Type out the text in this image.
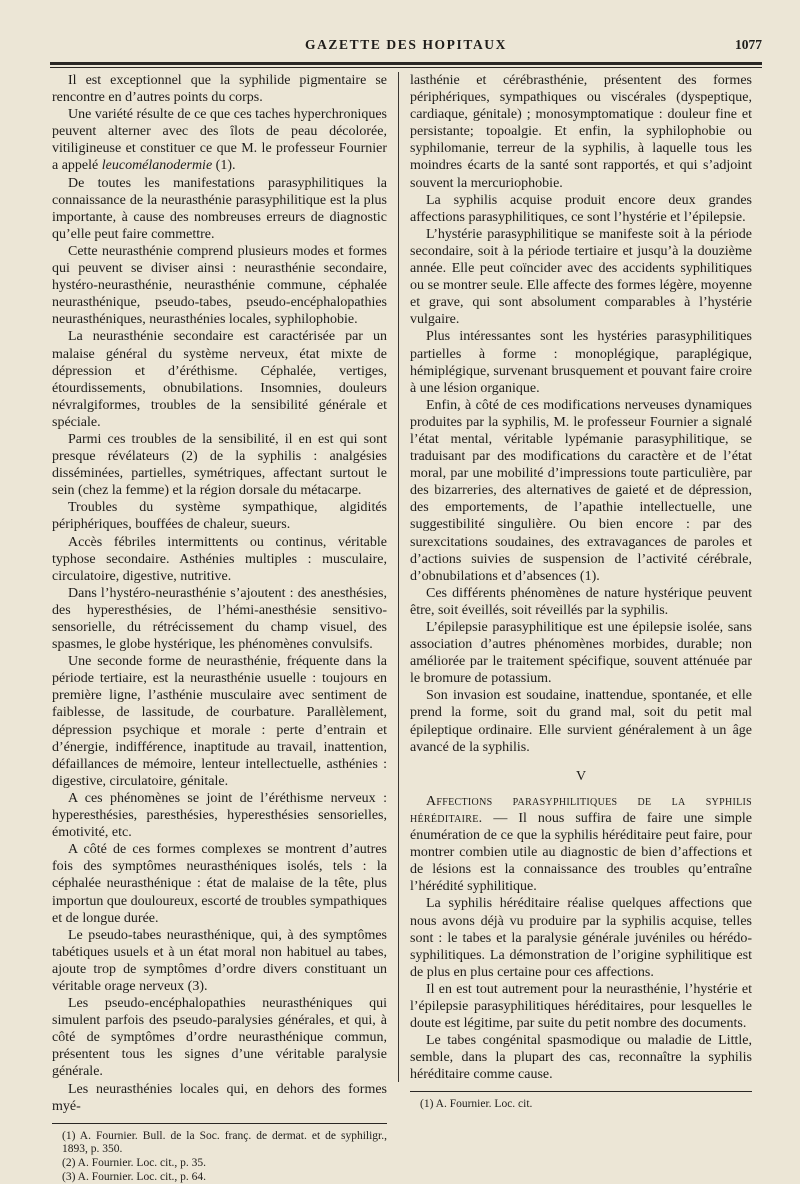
GAZETTE DES HOPITAUX	1077

Il est exceptionnel que la syphilide pigmentaire se rencontre en d’autres points du corps.

Une variété résulte de ce que ces taches hyperchroniques peuvent alterner avec des îlots de peau décolorée, vitiligineuse et constituer ce que M. le professeur Fournier a appelé leucomélanodermie (1).

De toutes les manifestations parasyphilitiques la connaissance de la neurasthénie parasyphilitique est la plus importante, à cause des nombreuses erreurs de diagnostic qu’elle peut faire commettre.

Cette neurasthénie comprend plusieurs modes et formes qui peuvent se diviser ainsi : neurasthénie secondaire, hystéro-neurasthénie, neurasthénie commune, céphalée neurasthénique, pseudo-tabes, pseudo-encéphalopathies neurasthéniques, neurasthénies locales, syphilophobie.

La neurasthénie secondaire est caractérisée par un malaise général du système nerveux, état mixte de dépression et d’éréthisme. Céphalée, vertiges, étourdissements, obnubilations. Insomnies, douleurs névralgiformes, troubles de la sensibilité générale et spéciale.

Parmi ces troubles de la sensibilité, il en est qui sont presque révélateurs (2) de la syphilis : analgésies disséminées, partielles, symétriques, affectant surtout le sein (chez la femme) et la région dorsale du métacarpe.

Troubles du système sympathique, algidités périphériques, bouffées de chaleur, sueurs.

Accès fébriles intermittents ou continus, véritable typhose secondaire. Asthénies multiples : musculaire, circulatoire, digestive, nutritive.

Dans l’hystéro-neurasthénie s’ajoutent : des anesthésies, des hyperesthésies, de l’hémi-anesthésie sensitivo-sensorielle, du rétrécissement du champ visuel, des spasmes, le globe hystérique, les phénomènes convulsifs.

Une seconde forme de neurasthénie, fréquente dans la période tertiaire, est la neurasthénie usuelle : toujours en première ligne, l’asthénie musculaire avec sentiment de faiblesse, de lassitude, de courbature. Parallèlement, dépression psychique et morale : perte d’entrain et d’énergie, indifférence, inaptitude au travail, inattention, défaillances de mémoire, lenteur intellectuelle, asthénies : digestive, circulatoire, génitale.

A ces phénomènes se joint de l’éréthisme nerveux : hyperesthésies, paresthésies, hyperesthésies sensorielles, émotivité, etc.

A côté de ces formes complexes se montrent d’autres fois des symptômes neurasthéniques isolés, tels : la céphalée neurasthénique : état de malaise de la tête, plus importun que douloureux, escorté de troubles sympathiques et de longue durée.

Le pseudo-tabes neurasthénique, qui, à des symptômes tabétiques usuels et à un état moral non habituel au tabes, ajoute trop de symptômes d’ordre divers constituant un véritable orage nerveux (3).

Les pseudo-encéphalopathies neurasthéniques qui simulent parfois des pseudo-paralysies générales, et qui, à côté de symptômes d’ordre neurasthénique commun, présentent tous les signes d’une véritable paralysie générale.

Les neurasthénies locales qui, en dehors des formes myé-

(1) A. Fournier. Bull. de la Soc. franç. de dermat. et de syphiligr., 1893, p. 350.

(2) A. Fournier. Loc. cit., p. 35.

(3) A. Fournier. Loc. cit., p. 64.

lasthénie et cérébrasthénie, présentent des formes périphériques, sympathiques ou viscérales (dyspeptique, cardiaque, génitale) ; monosymptomatique : douleur fine et persistante; topoalgie. Et enfin, la syphilophobie ou syphilomanie, terreur de la syphilis, à laquelle tous les moindres écarts de la santé sont rapportés, et qui s’adjoint souvent la mercuriophobie.

La syphilis acquise produit encore deux grandes affections parasyphilitiques, ce sont l’hystérie et l’épilepsie.

L’hystérie parasyphilitique se manifeste soit à la période secondaire, soit à la période tertiaire et jusqu’à la douzième année. Elle peut coïncider avec des accidents syphilitiques ou se montrer seule. Elle affecte des formes légère, moyenne et grave, qui sont absolument comparables à l’hystérie vulgaire.

Plus intéressantes sont les hystéries parasyphilitiques partielles à forme : monoplégique, paraplégique, hémiplégique, survenant brusquement et pouvant faire croire à une lésion organique.

Enfin, à côté de ces modifications nerveuses dynamiques produites par la syphilis, M. le professeur Fournier a signalé l’état mental, véritable lypémanie parasyphilitique, se traduisant par des modifications du caractère et de l’état moral, par une mobilité d’impressions toute particulière, par des bizarreries, des alternatives de gaieté et de dépression, des emportements, de l’apathie intellectuelle, une suggestibilité singulière. Ou bien encore : par des surexcitations soudaines, des extravagances de paroles et d’actions suivies de suspension de l’activité cérébrale, d’obnubilations et d’absences (1).

Ces différents phénomènes de nature hystérique peuvent être, soit éveillés, soit réveillés par la syphilis.

L’épilepsie parasyphilitique est une épilepsie isolée, sans association d’autres phénomènes morbides, durable; non améliorée par le traitement spécifique, souvent atténuée par le bromure de potassium.

Son invasion est soudaine, inattendue, spontanée, et elle prend la forme, soit du grand mal, soit du petit mal épileptique ordinaire. Elle survient généralement à un âge avancé de la syphilis.

V

Affections parasyphilitiques de la syphilis héréditaire. — Il nous suffira de faire une simple énumération de ce que la syphilis héréditaire peut faire, pour montrer combien utile au diagnostic de bien d’affections et de lésions est la connaissance des troubles qu’entraîne l’hérédité syphilitique.

La syphilis héréditaire réalise quelques affections que nous avons déjà vu produire par la syphilis acquise, telles sont : le tabes et la paralysie générale juvéniles ou hérédo-syphilitiques. La démonstration de l’origine syphilitique est de plus en plus certaine pour ces affections.

Il en est tout autrement pour la neurasthénie, l’hystérie et l’épilepsie parasyphilitiques héréditaires, pour lesquelles le doute est légitime, par suite du petit nombre des documents.

Le tabes congénital spasmodique ou maladie de Little, semble, dans la plupart des cas, reconnaître la syphilis héréditaire comme cause.

(1) A. Fournier. Loc. cit.
